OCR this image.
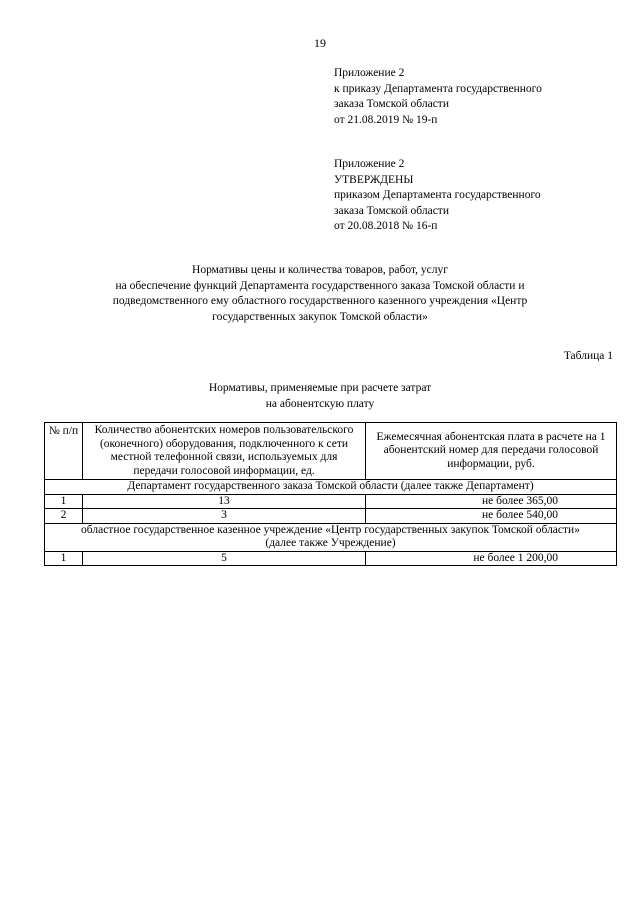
19
Приложение 2
к приказу Департамента государственного
заказа Томской области
от 21.08.2019 № 19-п
Приложение 2
УТВЕРЖДЕНЫ
приказом Департамента государственного
заказа Томской области
от 20.08.2018 № 16-п
Нормативы цены и количества товаров, работ, услуг
на обеспечение функций Департамента государственного заказа Томской области и
подведомственного ему областного государственного казенного учреждения «Центр
государственных закупок Томской области»
Таблица 1
Нормативы, применяемые при расчете затрат
на абонентскую плату
№ п/п	Количество абонентских номеров пользовательского (оконечного) оборудования, подключенного к сети местной телефонной связи, используемых для передачи голосовой информации, ед.	Ежемесячная абонентская плата в расчете на 1 абонентский номер для передачи голосовой информации, руб.
Департамент государственного заказа Томской области (далее также Департамент)		
1	13	не более 365,00
2	3	не более 540,00
областное государственное казенное учреждение «Центр государственных закупок Томской области» (далее также Учреждение)		
1	5	не более 1 200,00
